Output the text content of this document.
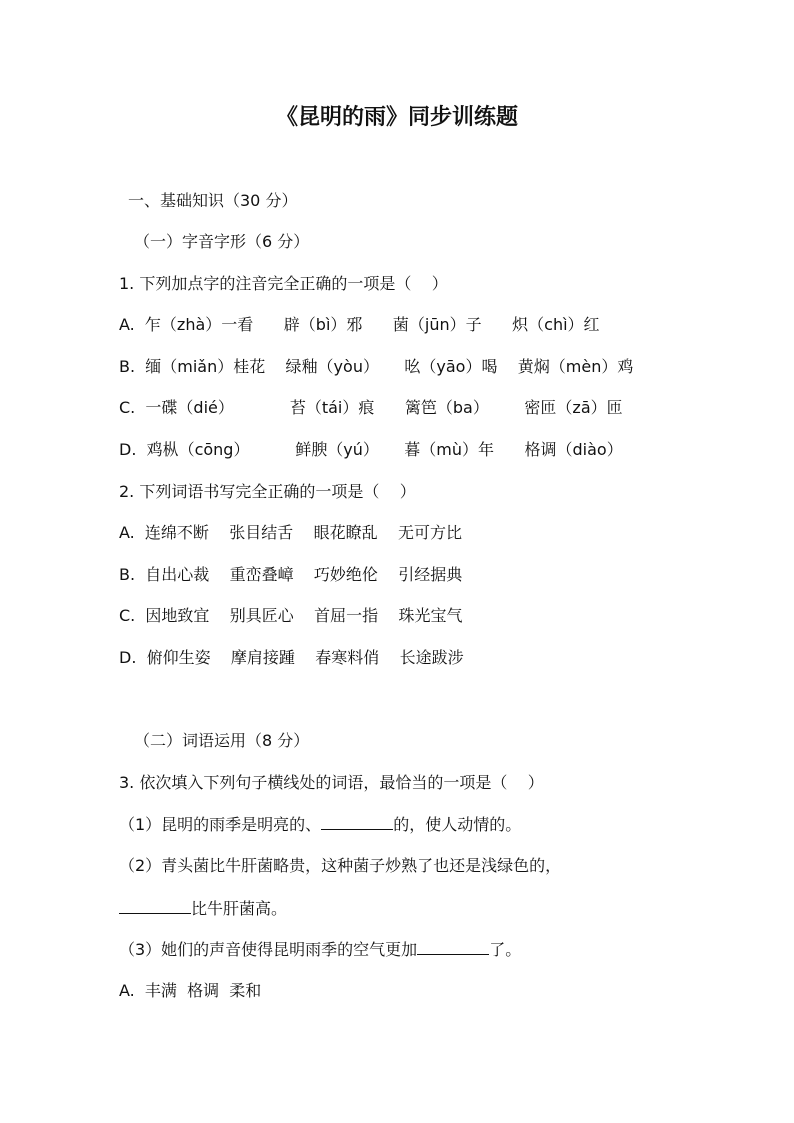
《昆明的雨》同步训练题
一、基础知识（30 分）
（一）字音字形（6 分）
1. 下列加点字的注音完全正确的一项是（    ）
A.  乍（zhà）一看      辟（bì）邪      菌（jūn）子      炽（chì）红
B.  缅（miǎn）桂花    绿釉（yòu）     吆（yāo）喝    黄焖（mèn）鸡
C.  一碟（dié）           苔（tái）痕      篱笆（ba）       密匝（zā）匝
D.  鸡枞（cōng）         鲜腴（yú）     暮（mù）年      格调（diào）
2. 下列词语书写完全正确的一项是（    ）
A.  连绵不断    张目结舌    眼花瞭乱    无可方比
B.  自出心裁    重峦叠嶂    巧妙绝伦    引经据典
C.  因地致宜    别具匠心    首屈一指    珠光宝气
D.  俯仰生姿    摩肩接踵    春寒料俏    长途跋涉
（二）词语运用（8 分）
3. 依次填入下列句子横线处的词语，最恰当的一项是（    ）
（1）昆明的雨季是明亮的、	的，使人动情的。
（2）青头菌比牛肝菌略贵，这种菌子炒熟了也还是浅绿色的，
比牛肝菌高。
（3）她们的声音使得昆明雨季的空气更加	了。
A.  丰满  格调  柔和
